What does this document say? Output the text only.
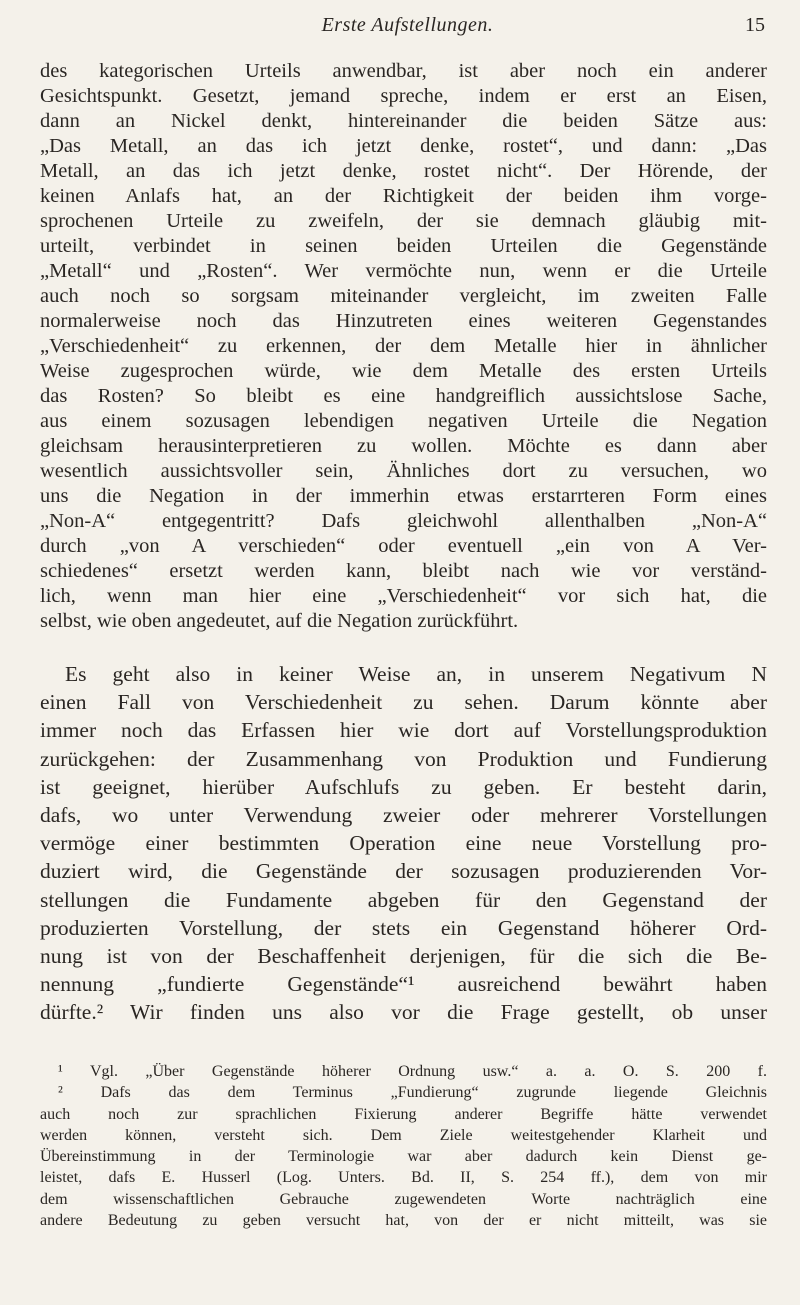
Erste Aufstellungen.	15
des kategorischen Urteils anwendbar, ist aber noch ein anderer
Gesichtspunkt. Gesetzt, jemand spreche, indem er erst an Eisen,
dann an Nickel denkt, hintereinander die beiden Sätze aus:
„Das Metall, an das ich jetzt denke, rostet“, und dann: „Das
Metall, an das ich jetzt denke, rostet nicht“. Der Hörende, der
keinen Anlafs hat, an der Richtigkeit der beiden ihm vorge-
sprochenen Urteile zu zweifeln, der sie demnach gläubig mit-
urteilt, verbindet in seinen beiden Urteilen die Gegenstände
„Metall“ und „Rosten“. Wer vermöchte nun, wenn er die Urteile
auch noch so sorgsam miteinander vergleicht, im zweiten Falle
normalerweise noch das Hinzutreten eines weiteren Gegenstandes
„Verschiedenheit“ zu erkennen, der dem Metalle hier in ähnlicher
Weise zugesprochen würde, wie dem Metalle des ersten Urteils
das Rosten? So bleibt es eine handgreiflich aussichtslose Sache,
aus einem sozusagen lebendigen negativen Urteile die Negation
gleichsam herausinterpretieren zu wollen. Möchte es dann aber
wesentlich aussichtsvoller sein, Ähnliches dort zu versuchen, wo
uns die Negation in der immerhin etwas erstarrteren Form eines
„Non-A“ entgegentritt? Dafs gleichwohl allenthalben „Non-A“
durch „von A verschieden“ oder eventuell „ein von A Ver-
schiedenes“ ersetzt werden kann, bleibt nach wie vor verständ-
lich, wenn man hier eine „Verschiedenheit“ vor sich hat, die
selbst, wie oben angedeutet, auf die Negation zurückführt.
Es geht also in keiner Weise an, in unserem Negativum N
einen Fall von Verschiedenheit zu sehen. Darum könnte aber
immer noch das Erfassen hier wie dort auf Vorstellungsproduktion
zurückgehen: der Zusammenhang von Produktion und Fundierung
ist geeignet, hierüber Aufschlufs zu geben. Er besteht darin,
dafs, wo unter Verwendung zweier oder mehrerer Vorstellungen
vermöge einer bestimmten Operation eine neue Vorstellung pro-
duziert wird, die Gegenstände der sozusagen produzierenden Vor-
stellungen die Fundamente abgeben für den Gegenstand der
produzierten Vorstellung, der stets ein Gegenstand höherer Ord-
nung ist von der Beschaffenheit derjenigen, für die sich die Be-
nennung „fundierte Gegenstände“¹ ausreichend bewährt haben
dürfte.² Wir finden uns also vor die Frage gestellt, ob unser
¹ Vgl. „Über Gegenstände höherer Ordnung usw.“ a. a. O. S. 200 f.
² Dafs das dem Terminus „Fundierung“ zugrunde liegende Gleichnis
auch noch zur sprachlichen Fixierung anderer Begriffe hätte verwendet
werden können, versteht sich. Dem Ziele weitestgehender Klarheit und
Übereinstimmung in der Terminologie war aber dadurch kein Dienst ge-
leistet, dafs E. Husserl (Log. Unters. Bd. II, S. 254 ff.), dem von mir
dem wissenschaftlichen Gebrauche zugewendeten Worte nachträglich eine
andere Bedeutung zu geben versucht hat, von der er nicht mitteilt, was sie
